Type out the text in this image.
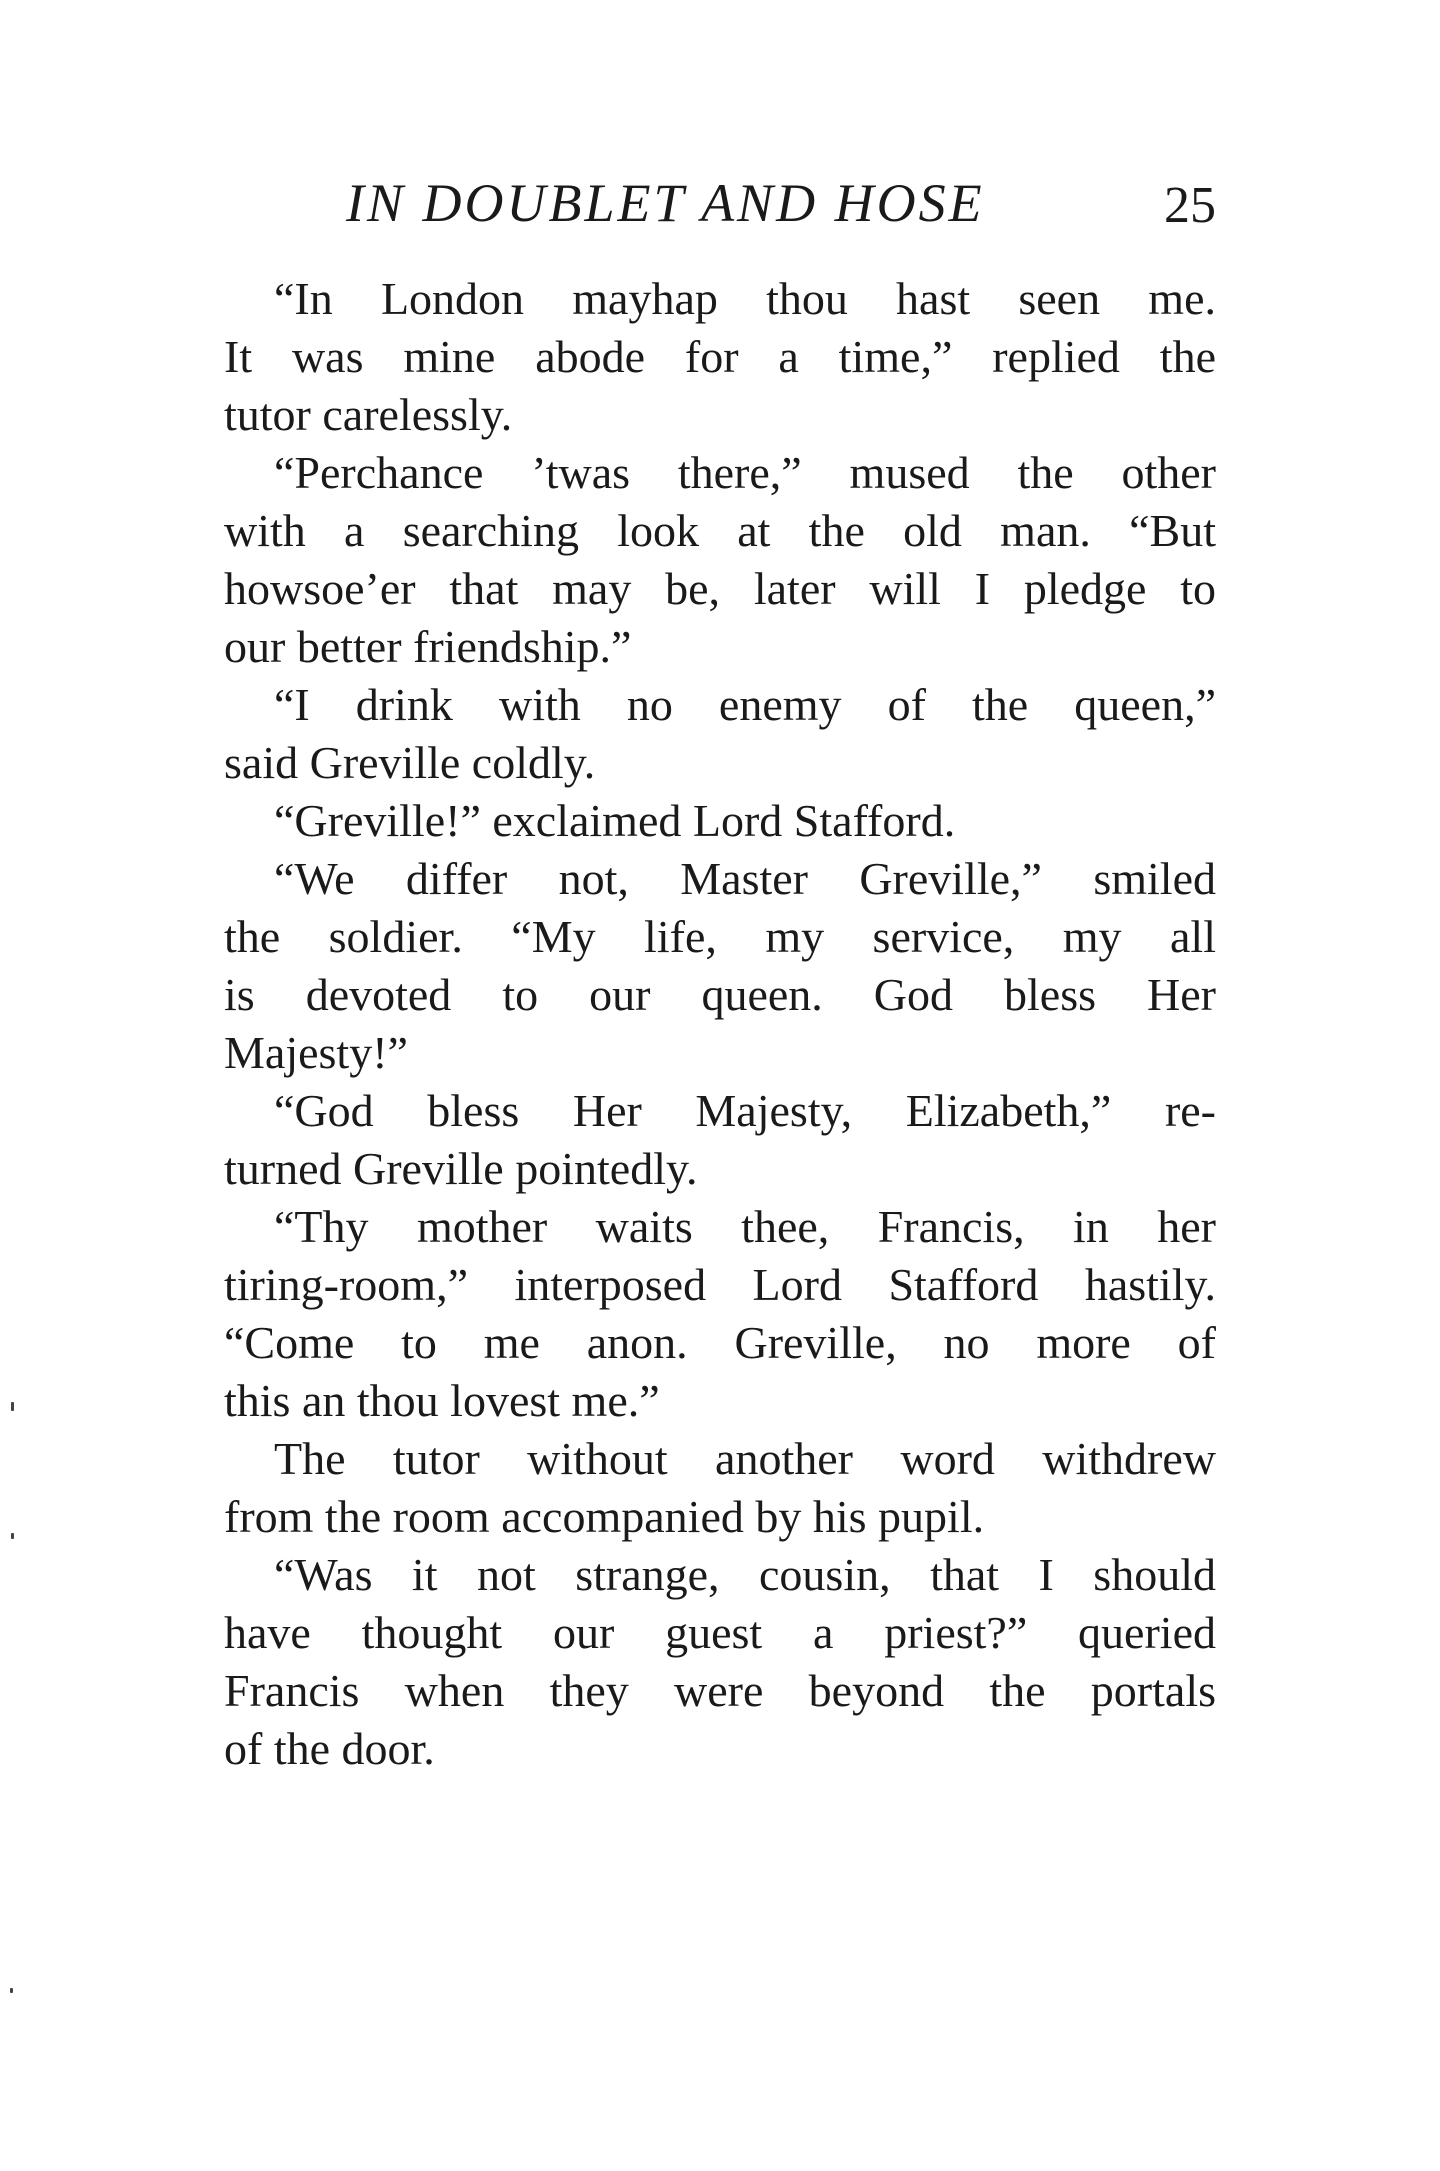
IN DOUBLET AND HOSE	25
“In London mayhap thou hast seen me.
It was mine abode for a time,” replied the
tutor carelessly.
“Perchance ’twas there,” mused the other
with a searching look at the old man. “But
howsoe’er that may be, later will I pledge to
our better friendship.”
“I drink with no enemy of the queen,”
said Greville coldly.
“Greville!” exclaimed Lord Stafford.
“We differ not, Master Greville,” smiled
the soldier. “My life, my service, my all
is devoted to our queen. God bless Her
Majesty!”
“God bless Her Majesty, Elizabeth,” re-
turned Greville pointedly.
“Thy mother waits thee, Francis, in her
tiring-room,” interposed Lord Stafford hastily.
“Come to me anon. Greville, no more of
this an thou lovest me.”
The tutor without another word withdrew
from the room accompanied by his pupil.
“Was it not strange, cousin, that I should
have thought our guest a priest?” queried
Francis when they were beyond the portals
of the door.
